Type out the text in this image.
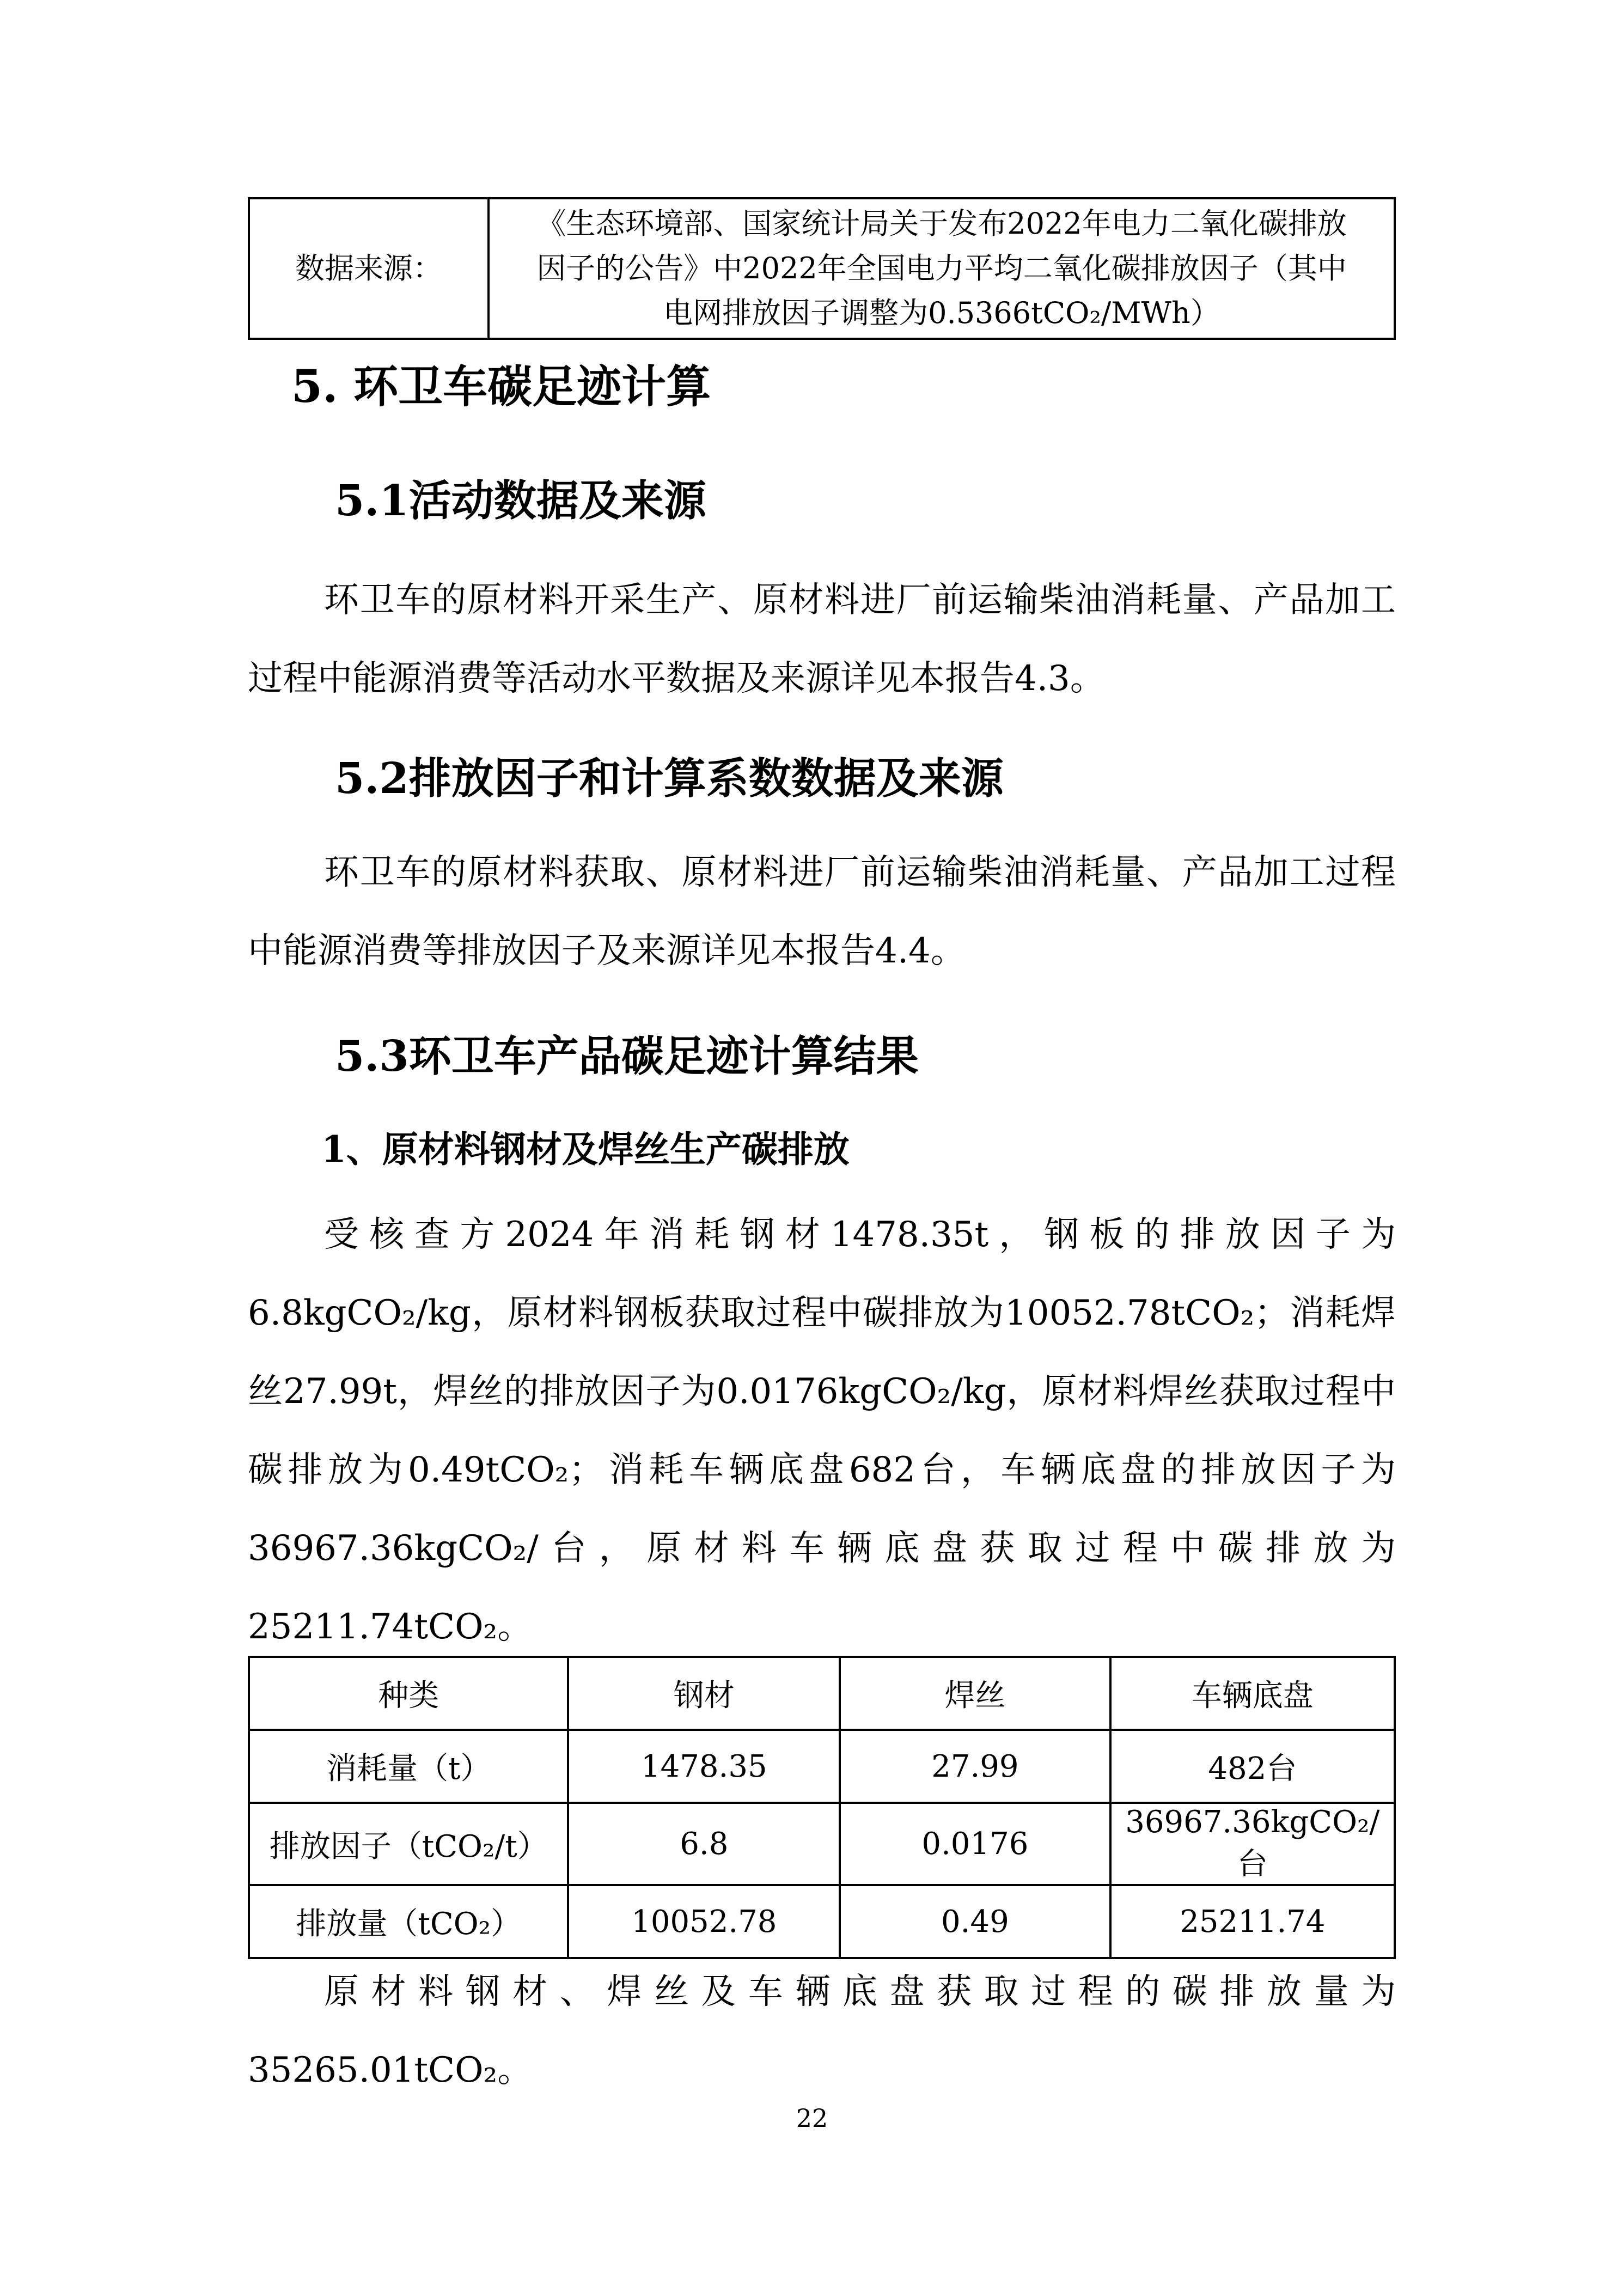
数据来源：	
《生态环境部、国家统计局关于发布2022年电力二氧化碳排放
因子的公告》中2022年全国电力平均二氧化碳排放因子（其中
电网排放因子调整为0.5366tCO₂/MWh）
5. 环卫车碳足迹计算
5.1活动数据及来源

环卫车的原材料开采生产、原材料进厂前运输柴油消耗量、产品加工过程中能源消费等活动水平数据及来源详见本报告4.3。

5.2排放因子和计算系数数据及来源

环卫车的原材料获取、原材料进厂前运输柴油消耗量、产品加工过程中能源消费等排放因子及来源详见本报告4.4。

5.3环卫车产品碳足迹计算结果
1、原材料钢材及焊丝生产碳排放

受核查方2024年消耗钢材1478.35t，钢板的排放因子为6.8kgCO₂/kg，原材料钢板获取过程中碳排放为10052.78tCO₂；消耗焊丝27.99t，焊丝的排放因子为0.0176kgCO₂/kg，原材料焊丝获取过程中碳排放为0.49tCO₂；消耗车辆底盘682台，车辆底盘的排放因子为36967.36kgCO₂/台，原材料车辆底盘获取过程中碳排放为25211.74tCO₂。

种类	钢材	焊丝	车辆底盘
消耗量（t）	1478.35	27.99	482台
排放因子（tCO₂/t）	6.8	0.0176	36967.36kgCO₂/台
排放量（tCO₂）	10052.78	0.49	25211.74

原材料钢材、焊丝及车辆底盘获取过程的碳排放量为35265.01tCO₂。

22
